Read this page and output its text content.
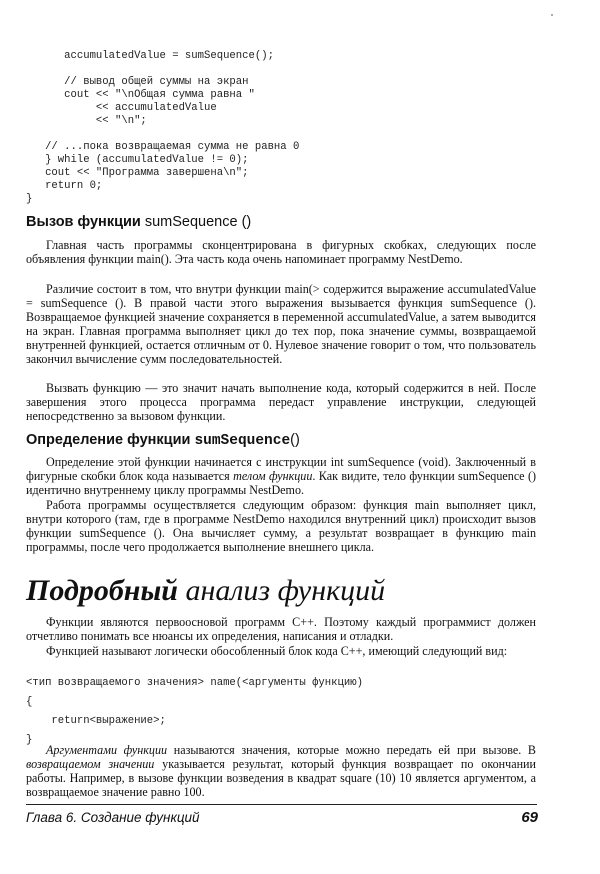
accumulatedValue = sumSequence();

// вывод общей суммы на экран
cout << "\nОбщая сумма равна "
<< accumulatedValue
<< "\n";

// ...пока возвращаемая сумма не равна 0
} while (accumulatedValue != 0);
cout << "Программа завершена\n";
return 0;
}
Вызов функции sumSequence ()

Главная часть программы сконцентрирована в фигурных скобках, следующих после объявления функции main(). Эта часть кода очень напоминает программу NestDemo.

Различие состоит в том, что внутри функции main(> содержится выражение accumulatedValue = sumSequence (). В правой части этого выражения вызывается функция sumSequence (). Возвращаемое функцией значение сохраняется в переменной accumulatedValue, а затем выводится на экран. Главная программа выполняет цикл до тех пор, пока значение суммы, возвращаемой внутренней функцией, остается отличным от 0. Нулевое значение говорит о том, что пользователь закончил вычисление сумм последовательностей.

Вызвать функцию — это значит начать выполнение кода, который содержится в ней. После завершения этого процесса программа передаст управление инструкции, следующей непосредственно за вызовом функции.

Определение функции sumSequence()

Определение этой функции начинается с инструкции int sumSequence (void). Заключенный в фигурные скобки блок кода называется телом функции. Как видите, тело функции sumSequence () идентично внутреннему циклу программы NestDemo.

Работа программы осуществляется следующим образом: функция main выполняет цикл, внутри которого (там, где в программе NestDemo находился внутренний цикл) происходит вызов функции sumSequence (). Она вычисляет сумму, а результат возвращает в функцию main программы, после чего продолжается выполнение внешнего цикла.

Подробный анализ функций

Функции являются первоосновой программ С++. Поэтому каждый программист должен отчетливо понимать все нюансы их определения, написания и отладки.

Функцией называют логически обособленный блок кода С++, имеющий следующий вид:

<тип возвращаемого значения> name(<аргументы функцию)
{
return<выражение>;
}

Аргументами функции называются значения, которые можно передать ей при вызове. В возвращаемом значении указывается результат, который функция возвращает по окончании работы. Например, в вызове функции возведения в квадрат square (10) 10 является аргументом, а возвращаемое значение равно 100.

Глава 6. Создание функций	69
